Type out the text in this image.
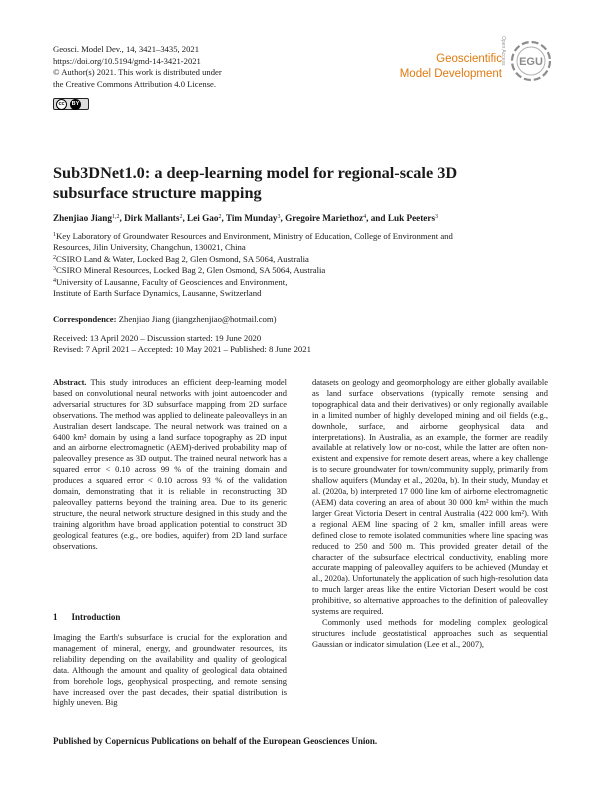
Geosci. Model Dev., 14, 3421–3435, 2021
https://doi.org/10.5194/gmd-14-3421-2021
© Author(s) 2021. This work is distributed under
the Creative Commons Attribution 4.0 License.
cc	BY
Geoscientific
Model Development
Open Access EGU
Sub3DNet1.0: a deep-learning model for regional-scale 3D subsurface structure mapping
Zhenjiao Jiang$^{1,2}$, Dirk Mallants$^2$, Lei Gao$^2$, Tim Munday$^3$, Gregoire Mariethoz$^4$, and Luk Peeters$^3$
$^1$Key Laboratory of Groundwater Resources and Environment, Ministry of Education, College of Environment and
Resources, Jilin University, Changchun, 130021, China
$^2$CSIRO Land & Water, Locked Bag 2, Glen Osmond, SA 5064, Australia
$^3$CSIRO Mineral Resources, Locked Bag 2, Glen Osmond, SA 5064, Australia
$^4$University of Lausanne, Faculty of Geosciences and Environment,
Institute of Earth Surface Dynamics, Lausanne, Switzerland
Correspondence: Zhenjiao Jiang (jiangzhenjiao@hotmail.com)
Received: 13 April 2020 – Discussion started: 19 June 2020
Revised: 7 April 2021 – Accepted: 10 May 2021 – Published: 8 June 2021

Abstract. This study introduces an efficient deep-learning model based on convolutional neural networks with joint autoencoder and adversarial structures for 3D subsurface mapping from 2D surface observations. The method was applied to delineate paleovalleys in an Australian desert landscape. The neural network was trained on a 6400 km² domain by using a land surface topography as 2D input and an airborne electromagnetic (AEM)-derived probability map of paleovalley presence as 3D output. The trained neural network has a squared error < 0.10 across 99 % of the training domain and produces a squared error < 0.10 across 93 % of the validation domain, demonstrating that it is reliable in reconstructing 3D paleovalley patterns beyond the training area. Due to its generic structure, the neural network structure designed in this study and the training algorithm have broad application potential to construct 3D geological features (e.g., ore bodies, aquifer) from 2D land surface observations.

1 Introduction

Imaging the Earth's subsurface is crucial for the exploration and management of mineral, energy, and groundwater resources, its reliability depending on the availability and quality of geological data. Although the amount and quality of geological data obtained from borehole logs, geophysical prospecting, and remote sensing have increased over the past decades, their spatial distribution is highly uneven. Big

datasets on geology and geomorphology are either globally available as land surface observations (typically remote sensing and topographical data and their derivatives) or only regionally available in a limited number of highly developed mining and oil fields (e.g., downhole, surface, and airborne geophysical data and interpretations). In Australia, as an example, the former are readily available at relatively low or no-cost, while the latter are often non-existent and expensive for remote desert areas, where a key challenge is to secure groundwater for town/community supply, primarily from shallow aquifers (Munday et al., 2020a, b). In their study, Munday et al. (2020a, b) interpreted 17 000 line km of airborne electromagnetic (AEM) data covering an area of about 30 000 km² within the much larger Great Victoria Desert in central Australia (422 000 km²). With a regional AEM line spacing of 2 km, smaller infill areas were defined close to remote isolated communities where line spacing was reduced to 250 and 500 m. This provided greater detail of the character of the subsurface electrical conductivity, enabling more accurate mapping of paleovalley aquifers to be achieved (Munday et al., 2020a). Unfortunately the application of such high-resolution data to much larger areas like the entire Victorian Desert would be cost prohibitive, so alternative approaches to the definition of paleovalley systems are required.

Commonly used methods for modeling complex geological structures include geostatistical approaches such as sequential Gaussian or indicator simulation (Lee et al., 2007),

Published by Copernicus Publications on behalf of the European Geosciences Union.
